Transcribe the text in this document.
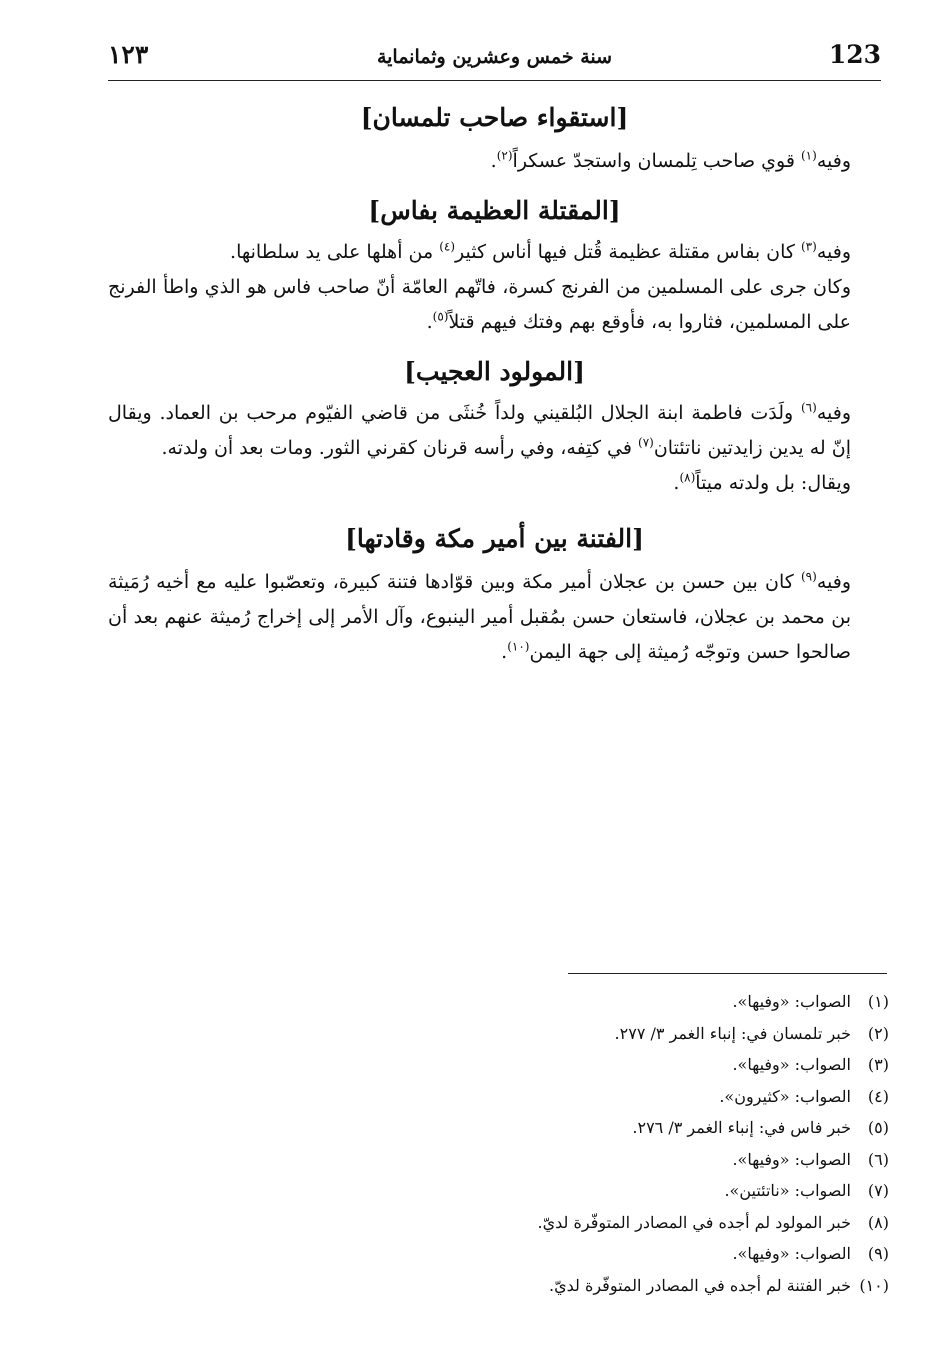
١٢٣	سنة خمس وعشرين وثمانماية	123
[استقواء صاحب تلمسان]

وفيه$^{(١)}$ قوي صاحب تِلمسان واستجدّ عسكراً$^{(٢)}$.

[المقتلة العظيمة بفاس]

وفيه$^{(٣)}$ كان بفاس مقتلة عظيمة قُتل فيها أناس كثير$^{(٤)}$ من أهلها على يد سلطانها.

وكان جرى على المسلمين من الفرنج كسرة، فاتّهم العامّة أنّ صاحب فاس هو الذي واطأ الفرنج على المسلمين، فثاروا به، فأوقع بهم وفتك فيهم قتلاً$^{(٥)}$.

[المولود العجيب]

وفيه$^{(٦)}$ ولَدَت فاطمة ابنة الجلال البُلقيني ولداً خُنثَى من قاضي الفيّوم مرحب بن العماد. ويقال إنّ له يدين زايدتين ناتئتان$^{(٧)}$ في كتِفه، وفي رأسه قرنان كقرني الثور. ومات بعد أن ولدته.

ويقال: بل ولدته ميتاً$^{(٨)}$.

[الفتنة بين أمير مكة وقادتها]

وفيه$^{(٩)}$ كان بين حسن بن عجلان أمير مكة وبين قوّادها فتنة كبيرة، وتعصّبوا عليه مع أخيه رُمَيثة بن محمد بن عجلان، فاستعان حسن بمُقبل أمير الينبوع، وآل الأمر إلى إخراج رُميثة عنهم بعد أن صالحوا حسن وتوجّه رُميثة إلى جهة اليمن$^{(١٠)}$.

(١)الصواب: «وفيها».
(٢)خبر تلمسان في: إنباء الغمر ٣/ ٢٧٧.
(٣)الصواب: «وفيها».
(٤)الصواب: «كثيرون».
(٥)خبر فاس في: إنباء الغمر ٣/ ٢٧٦.
(٦)الصواب: «وفيها».
(٧)الصواب: «ناتئتين».
(٨)خبر المولود لم أجده في المصادر المتوفّرة لديّ.
(٩)الصواب: «وفيها».
(١٠)خبر الفتنة لم أجده في المصادر المتوفّرة لديّ.
